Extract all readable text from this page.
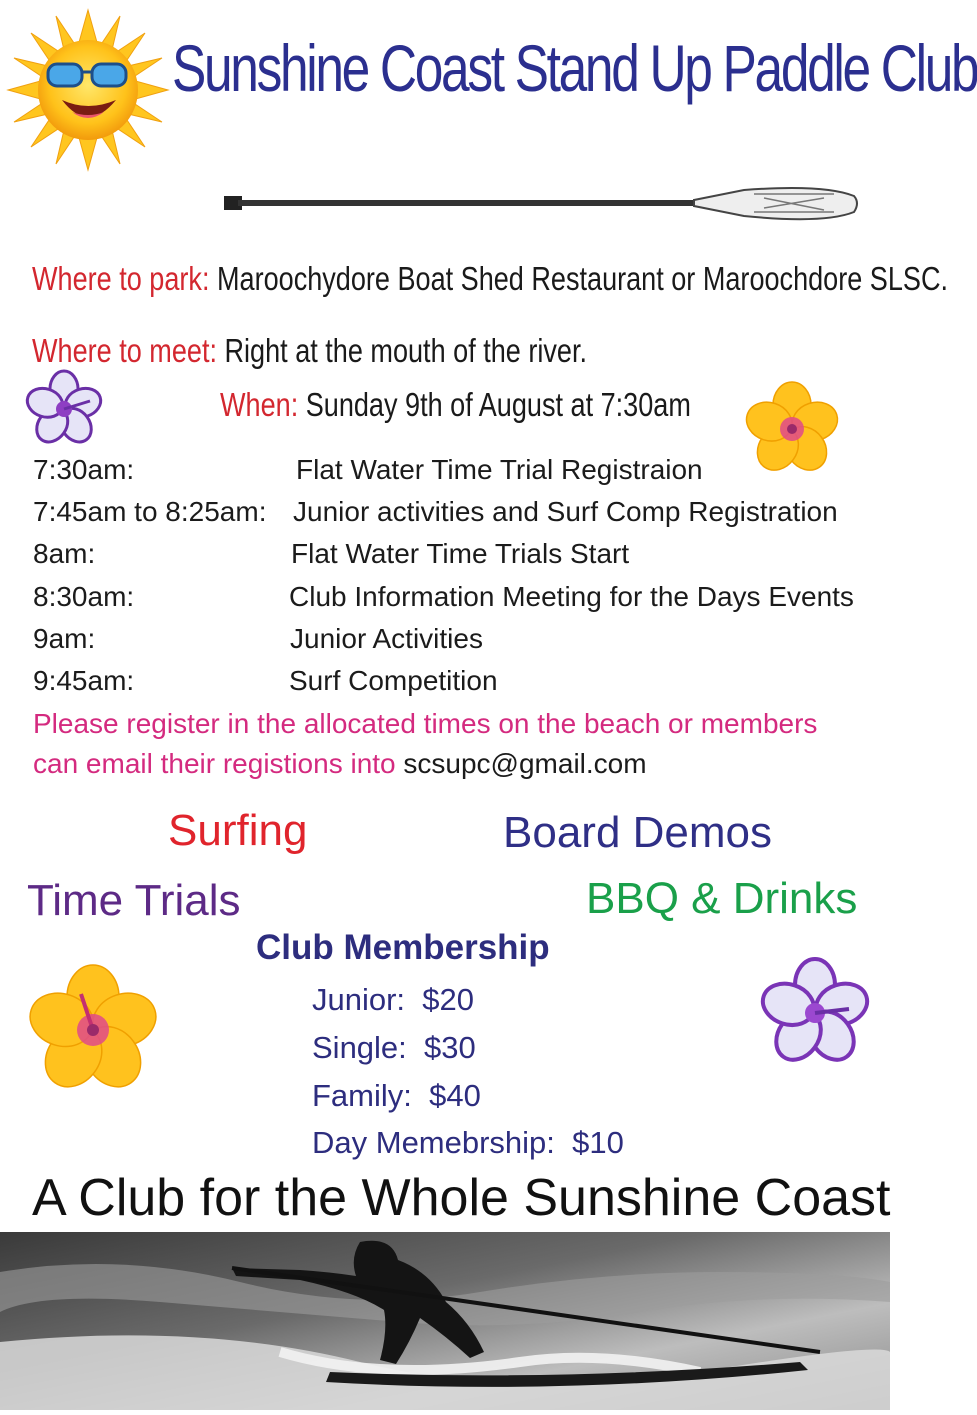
Sunshine Coast Stand Up Paddle Club
Where to park: Maroochydore Boat Shed Restaurant or Maroochdore SLSC.
Where to meet: Right at the mouth of the river.
When: Sunday 9th of August at 7:30am
7:30am:	Flat Water Time Trial Registraion
7:45am to 8:25am: Junior activities and Surf Comp Registration
8am:	Flat Water Time Trials Start
8:30am:	Club Information Meeting for the Days Events
9am:	Junior Activities
9:45am:	Surf Competition
Please register in the allocated times on the beach or members
can email their registions into scsupc@gmail.com
Surfing	Board Demos
Time Trials	BBQ & Drinks
Club Membership
Junior: $20
Single: $30
Family: $40
Day Memebrship: $10
A Club for the Whole Sunshine Coast
